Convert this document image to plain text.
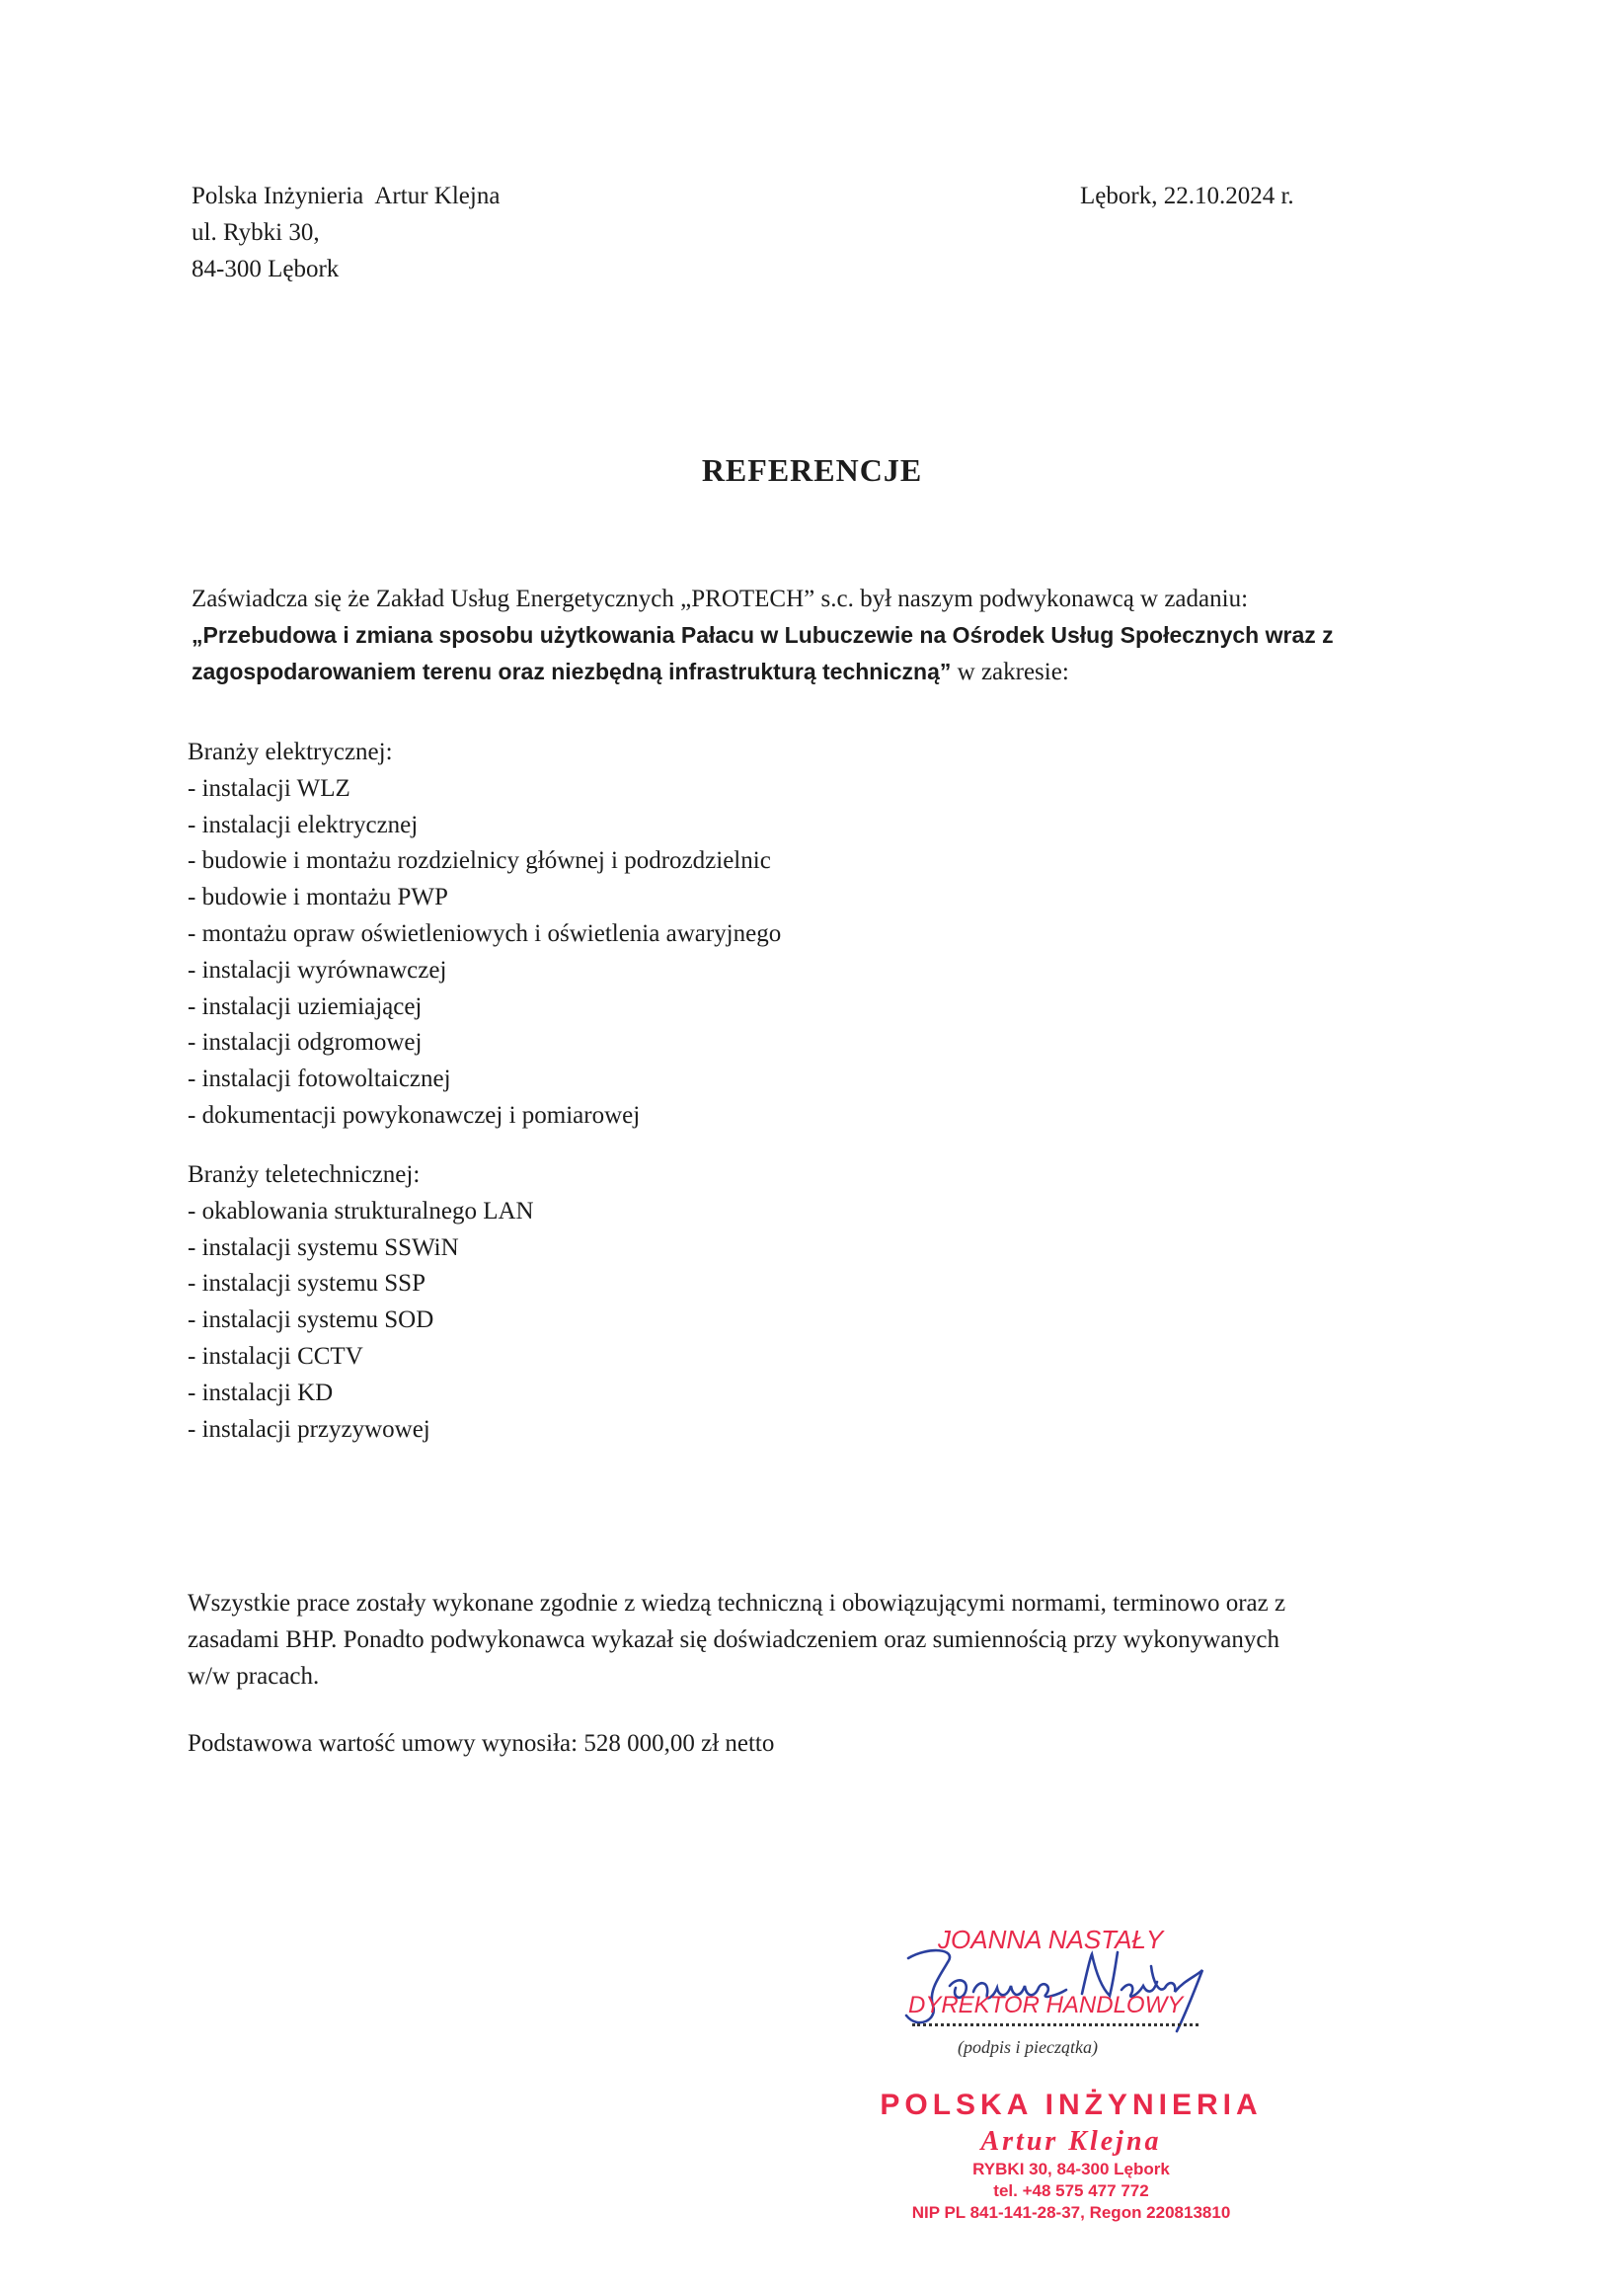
Polska Inżynieria  Artur Klejna
ul. Rybki 30,
84-300 Lębork
Lębork, 22.10.2024 r.
REFERENCJE
Zaświadcza się że Zakład Usług Energetycznych „PROTECH” s.c. był naszym podwykonawcą w zadaniu:
„Przebudowa i zmiana sposobu użytkowania Pałacu w Lubuczewie na Ośrodek Usług Społecznych wraz z
zagospodarowaniem terenu oraz niezbędną infrastrukturą techniczną” w zakresie:
Branży elektrycznej:
- instalacji WLZ
- instalacji elektrycznej
- budowie i montażu rozdzielnicy głównej i podrozdzielnic
- budowie i montażu PWP
- montażu opraw oświetleniowych i oświetlenia awaryjnego
- instalacji wyrównawczej
- instalacji uziemiającej
- instalacji odgromowej
- instalacji fotowoltaicznej
- dokumentacji powykonawczej i pomiarowej
Branży teletechnicznej:
- okablowania strukturalnego LAN
- instalacji systemu SSWiN
- instalacji systemu SSP
- instalacji systemu SOD
- instalacji CCTV
- instalacji KD
- instalacji przyzywowej
Wszystkie prace zostały wykonane zgodnie z wiedzą techniczną i obowiązującymi normami, terminowo oraz z
zasadami BHP. Ponadto podwykonawca wykazał się doświadczeniem oraz sumiennością przy wykonywanych
w/w pracach.
Podstawowa wartość umowy wynosiła: 528 000,00 zł netto
JOANNA NASTAŁY
DYREKTOR HANDLOWY
(podpis i pieczątka)
POLSKA INŻYNIERIA
Artur Klejna
RYBKI 30, 84-300 Lębork
tel. +48 575 477 772
NIP PL 841-141-28-37, Regon 220813810
